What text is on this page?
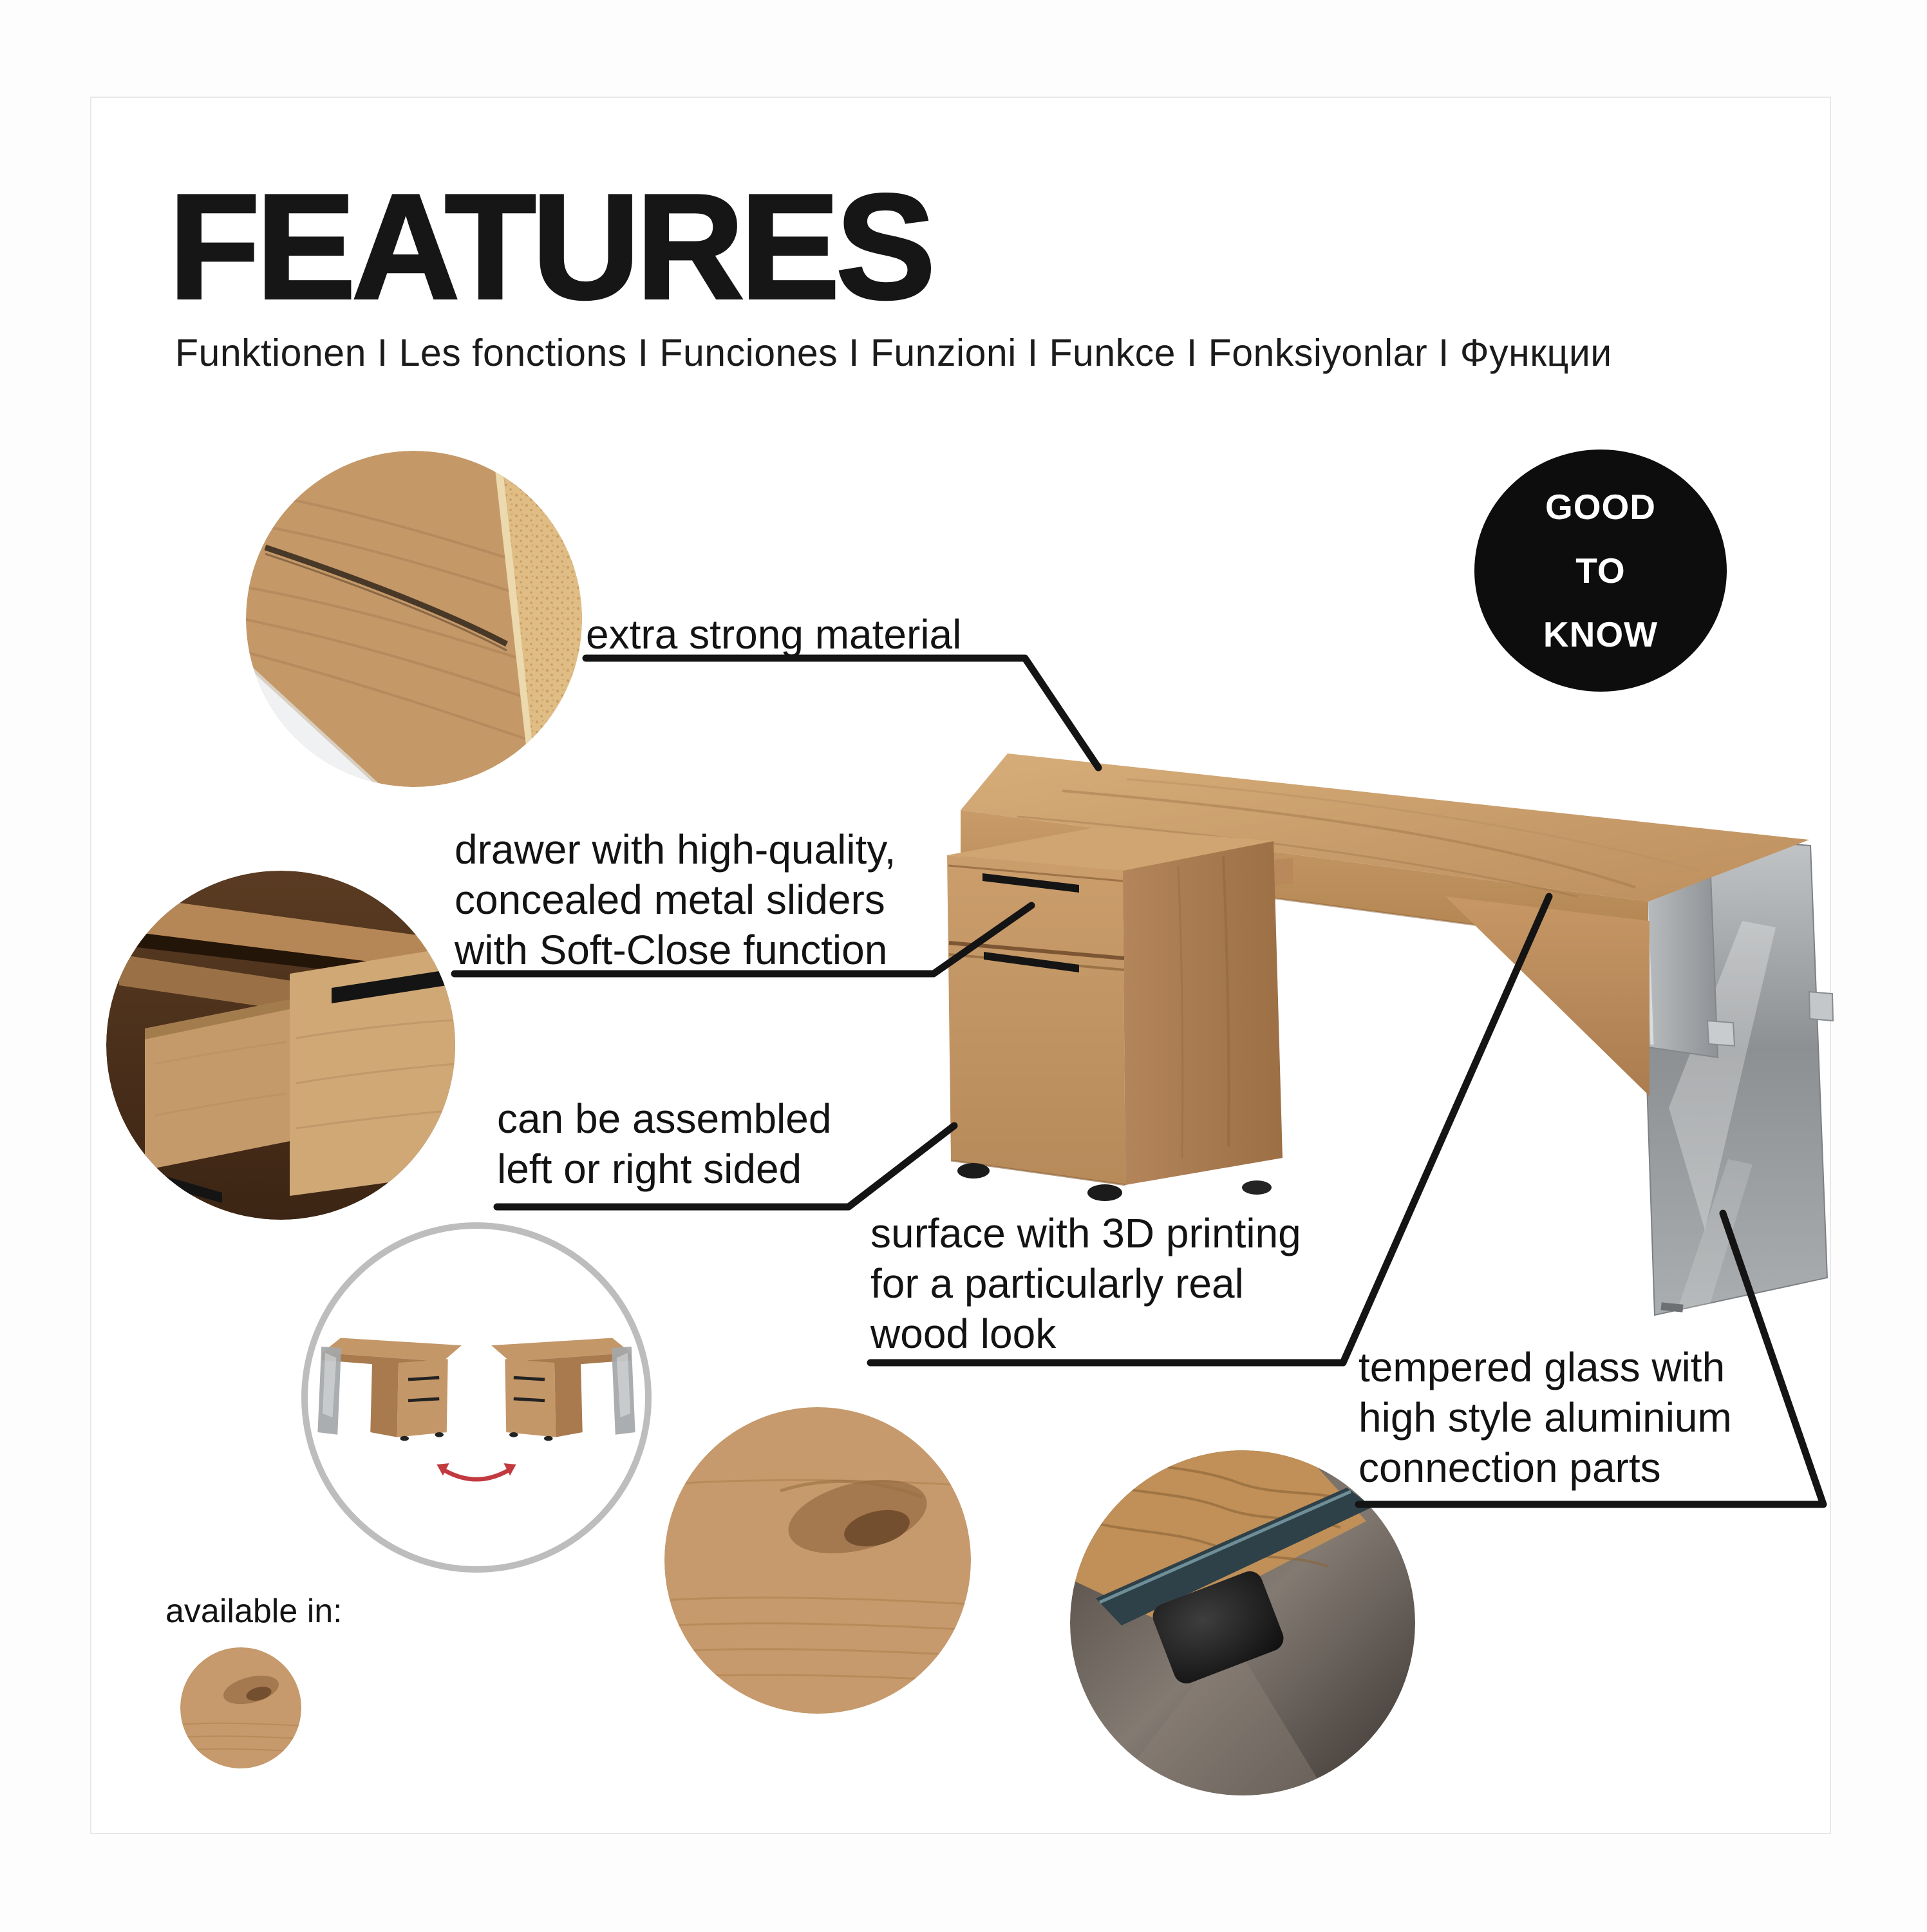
FEATURES
Funktionen I Les fonctions I Funciones I Funzioni I Funkce I Fonksiyonlar I Функции
GOOD
TO
KNOW
available in:
extra strong material
drawer with high-quality,
concealed metal sliders
with Soft-Close function
can be assembled
left or right sided
surface with 3D printing
for a particularly real
wood look
tempered glass with
high style aluminium
connection parts
